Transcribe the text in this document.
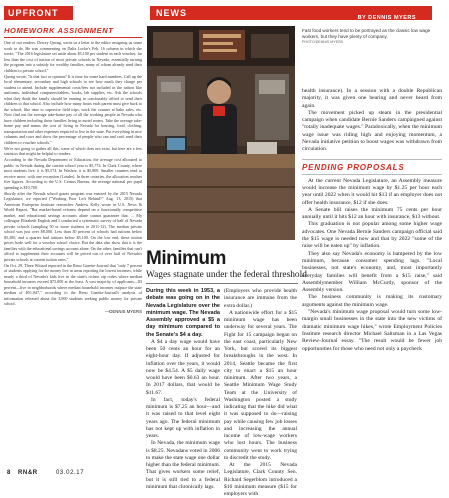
UPFRONT	NEWS	BY DENNIS MYERS
HOMEWORK ASSIGNMENT

One of our readers, Dewey Quong, wrote us a letter to the editor assigning us some work to do. He was commenting on Dalia Locke's Feb. 16 column in which she wrote, "The 2016 legislature set aside about $5,100 per student in each voucher, far less than the cost of tuition of most private schools in Nevada, essentially turning the program into a subsidy for wealthy families, many of whom already send their children to private school."

Quong wrote, "Is that fact or opinion? It is time for some hard numbers. Call up the local elementary, secondary and high schools to see how much they charge per student to attend. Include supplemental costs/fees not included in the tuition like uniforms, individual computers/tablets, books, lab supplies, etc. Ask the schools what they think the family should be earning to comfortably afford to send their children to that school. Also include how many hours each parent must give back to the school, like time to supervise field trips, work the counter at bake sales, etc. Now find out the average take-home pay of all the working people in Nevada who have children including those families living in motel rooms. Take the average take-home pay and minus the cost of living in Nevada for housing, food, clothing, transportation and other expenses required to live in the state. Put everything in nice columns and rows and show the percentage of people who can and can't send their children to voucher schools."

We're not going to gather all this, some of which does not exist, but here are a few statistics that might be helpful to readers.

According to the Nevada Department of Education, the average cost allocated to public in Nevada during the current school year is $5,774. In Clark County, where most students live, it is $5,574. In Washoe, it is $5,809. Smaller counties tend to receive more, with one exception (Lander). In three counties, the allocation reaches five figures. According to the U.S. Census Bureau, the average national per pupil spending is $10,700.

Shortly after the Nevada school grants program was enacted by the 2015 Nevada Legislature, we reported ("Working Poor Left Behind?" Aug. 13, 2015) that American Enterprise Institute researcher Andrew Kelly wrote in U.S. News & World Report, "But market-based reforms depend on a functionally competitive market, and educational savings accounts alone cannot guarantee that. ... My colleague Elizabeth English and I conducted a systematic survey of half of Nevada private schools (sampling 50 or more students in 2011-12). The median private school was just over $8,000. Less than 30 percent of schools had tuitions below $5,200, and a quarter had tuitions below $5,100. On the low end, these tuition prices bode well for a voucher school choice. But the data also show that it is the families with the educational savings account alone. On the other, families that can't afford to supplement their accounts will be priced out of over half of Nevada's private schools at current tuition rates."

On Oct. 29, Three Wittard reported in the Reno Gazette-Journal that "only 7 percent of students applying for the money live in areas reporting the lowest incomes, while nearly a third of Nevada's kids live in the state's richest zip codes where median household incomes exceed $75,000 at the least. A vast majority of applicants—83 percent—live in neighborhoods where median household incomes outpace the state median of $51,847," according to the Reno Gazette-Journal's analysis of information released about the 3,000 students seeking public money for private school.

—DENNIS MYERS
Fast food workers tend to be portrayed as the classic low wage workers, but they have plenty of company.
PHOTO/DENNIS MYERS

health insurance). In a session with a double Republican majority, it was given one hearing and never heard from again.

The movement picked up steam in the presidential campaign when candidate Bernie Sanders campaigned against "totally inadequate wages." Paradoxically, when the minimum wage issue was riding high and enjoying momentum, a Nevada initiative petition to boost wages was withdrawn from circulation.

PENDING PROPOSALS

At the current Nevada Legislature, an Assembly measure would increase the minimum wage by $1.25 per hour each year until 2022 when it would hit $13 if an employer does not offer health insurance, $12 if she does.

A Senate bill raises the minimum 75 cents per hour annually until it hits $12 an hour with insurance, $13 without.

This graduation is not popular among some higher wage advocates. One Nevada Bernie Sanders campaign official said the $15 wage is needed now and that by 2022 "some of the raise will be eaten up" by inflation.

They also say Nevada's economy is hampered by the low minimum, because consumer spending lags. "Local businesses, not state's economy, and, most importantly everyday families will benefit from a $15 raise," said Assemblymember William McCurdy, sponsor of the Assembly version.

The business community is making its customary arguments against the minimum wage.

"Nevada's minimum wage proposal would turn some low-margin small businesses in the state into the new victims of dramatic minimum wage hikes," wrote Employment Policies Institute research director Michael Saltsman in a Las Vegas Review-Journal essay. "The result would be fewer job opportunities for those who need not only a paycheck

Minimum
Wages stagnate under the federal threshold

During this week in 1953, a debate was going on in the Nevada Legislature over the minimum wage. The Nevada Assembly approved a $5 a day minimum compared to the Senate's $4 a day.

A $4 a day wage would have been 50 cents an hour for an eight-hour day. If adjusted for inflation over the years, it would now be $4.54. A $5 daily wage would have been $0.63 an hour. In 2017 dollars, that would be $11.67.

In fact, today's federal minimum is $7.25 an hour—and it was raised to that level eight years ago. The federal minimum has not kept up with inflation in years.

In Nevada, the minimum wage is $8.25. Nevadans voted in 2006 to make the state wage one dollar higher than the federal minimum. That gives workers some relief, but it is still tied to a federal minimum that chronically lags.

(Employers who provide health insurance are immune from the extra dollar.)

A nationwide effort for a $15 minimum wage has been underway for several years. The Fight for 15 campaign began on the east coast, particularly New York, but scored its biggest breakthroughs in the west. In 2014, Seattle became the first city to enact a $15 an hour minimum. After two years, a Seattle Minimum Wage Study Team at the University of Washington posted a study indicating that the hike did what it was supposed to do—raising pay while causing few job losses and increasing the annual income of low-wage workers who lost hours. The business community went to work trying to discredit the study.

At the 2015 Nevada Legislature, Clark County Sen. Richard Segerblom introduced a $16 minimum measure ($15 for employers with

8 RN&R	03.02.17
